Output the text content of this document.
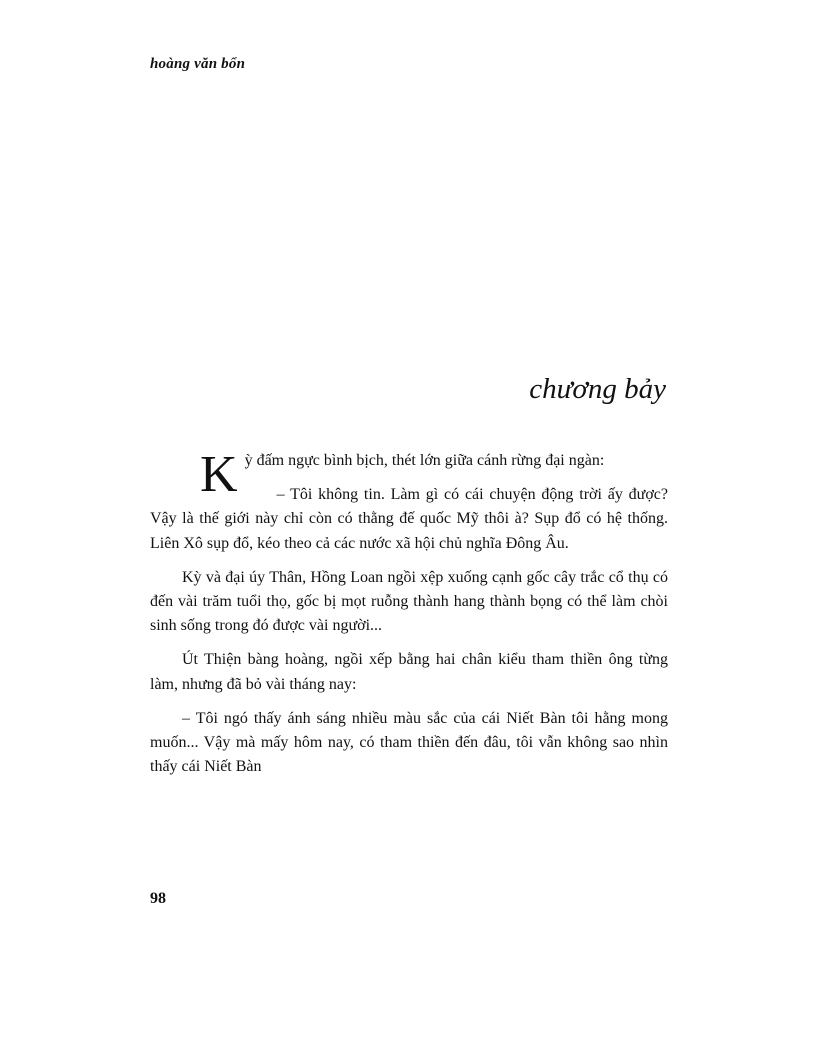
hoàng văn bổn
chương bảy

Kỳ đấm ngực bình bịch, thét lớn giữa cánh rừng đại ngàn:

– Tôi không tin. Làm gì có cái chuyện động trời ấy được? Vậy là thế giới này chỉ còn có thằng đế quốc Mỹ thôi à? Sụp đổ có hệ thống. Liên Xô sụp đổ, kéo theo cả các nước xã hội chủ nghĩa Đông Âu.

Kỳ và đại úy Thân, Hồng Loan ngồi xệp xuống cạnh gốc cây trắc cổ thụ có đến vài trăm tuổi thọ, gốc bị mọt ruỗng thành hang thành bọng có thể làm chòi sinh sống trong đó được vài người...

Út Thiện bàng hoàng, ngồi xếp bằng hai chân kiểu tham thiền ông từng làm, nhưng đã bỏ vài tháng nay:

– Tôi ngó thấy ánh sáng nhiều màu sắc của cái Niết Bàn tôi hằng mong muốn... Vậy mà mấy hôm nay, có tham thiền đến đâu, tôi vẫn không sao nhìn thấy cái Niết Bàn

98
